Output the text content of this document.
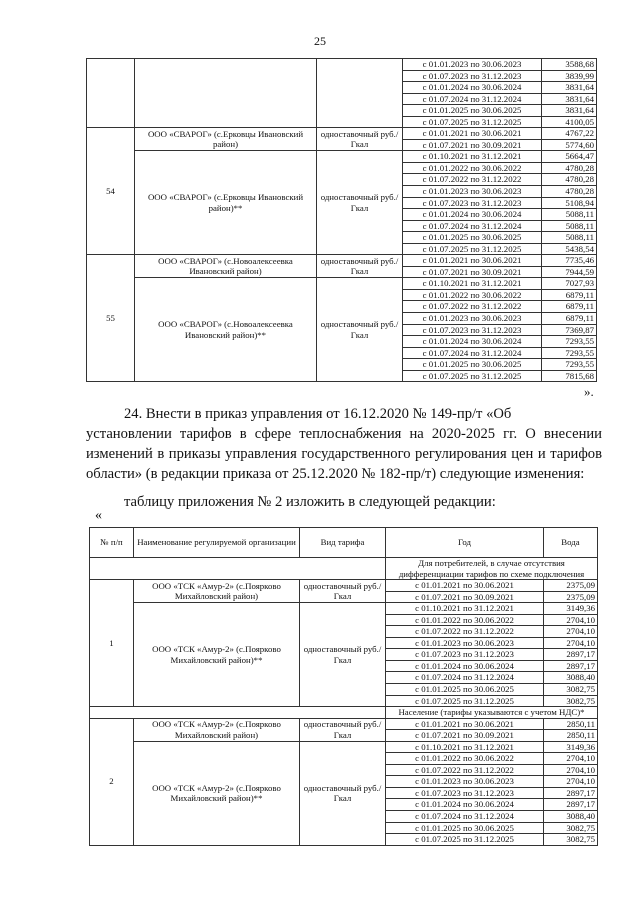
25
			с 01.01.2023 по 30.06.2023	3588,68
			с 01.07.2023 по 31.12.2023	3839,99
			с 01.01.2024 по 30.06.2024	3831,64
			с 01.07.2024 по 31.12.2024	3831,64
			с 01.01.2025 по 30.06.2025	3831,64
			с 01.07.2025 по 31.12.2025	4100,05
54	ООО «СВАРОГ» (с.Ерковцы Ивановский район)	одноставочный руб./Гкал	с 01.01.2021 по 30.06.2021	4767,22
			с 01.07.2021 по 30.09.2021	5774,60
	ООО «СВАРОГ» (с.Ерковцы Ивановский район)**	одноставочный руб./Гкал	с 01.10.2021 по 31.12.2021	5664,47
			с 01.01.2022 по 30.06.2022	4780,28
			с 01.07.2022 по 31.12.2022	4780,28
			с 01.01.2023 по 30.06.2023	4780,28
			с 01.07.2023 по 31.12.2023	5108,94
			с 01.01.2024 по 30.06.2024	5088,11
			с 01.07.2024 по 31.12.2024	5088,11
			с 01.01.2025 по 30.06.2025	5088,11
			с 01.07.2025 по 31.12.2025	5438,54
55	ООО «СВАРОГ» (с.Новоалексеевка Ивановский район)	одноставочный руб./Гкал	с 01.01.2021 по 30.06.2021	7735,46
			с 01.07.2021 по 30.09.2021	7944,59
	ООО «СВАРОГ» (с.Новоалексеевка Ивановский район)**	одноставочный руб./Гкал	с 01.10.2021 по 31.12.2021	7027,93
			с 01.01.2022 по 30.06.2022	6879,11
			с 01.07.2022 по 31.12.2022	6879,11
			с 01.01.2023 по 30.06.2023	6879,11
			с 01.07.2023 по 31.12.2023	7369,87
			с 01.01.2024 по 30.06.2024	7293,55
			с 01.07.2024 по 31.12.2024	7293,55
			с 01.01.2025 по 30.06.2025	7293,55
			с 01.07.2025 по 31.12.2025	7815,68
».
24. Внести в приказ управления от 16.12.2020 № 149-пр/т «Об
установлении тарифов в сфере теплоснабжения на 2020-2025 гг. О внесении изменений в приказы управления государственного регулирования цен и тарифов области» (в редакции приказа от 25.12.2020 № 182-пр/т) следующие изменения:
таблицу приложения № 2 изложить в следующей редакции:
«
№ п/п	Наименование регулируемой организации	Вид тарифа	Год	Вода
			Для потребителей, в случае отсутствия дифференциации тарифов по схеме подключения	
1	ООО «ТСК «Амур-2» (с.Поярково Михайловский район)	одноставочный руб./Гкал	с 01.01.2021 по 30.06.2021	2375,09
			с 01.07.2021 по 30.09.2021	2375,09
	ООО «ТСК «Амур-2» (с.Поярково Михайловский район)**	одноставочный руб./Гкал	с 01.10.2021 по 31.12.2021	3149,36
			с 01.01.2022 по 30.06.2022	2704,10
			с 01.07.2022 по 31.12.2022	2704,10
			с 01.01.2023 по 30.06.2023	2704,10
			с 01.07.2023 по 31.12.2023	2897,17
			с 01.01.2024 по 30.06.2024	2897,17
			с 01.07.2024 по 31.12.2024	3088,40
			с 01.01.2025 по 30.06.2025	3082,75
			с 01.07.2025 по 31.12.2025	3082,75
			Население (тарифы указываются с учетом НДС)*	
2	ООО «ТСК «Амур-2» (с.Поярково Михайловский район)	одноставочный руб./Гкал	с 01.01.2021 по 30.06.2021	2850,11
			с 01.07.2021 по 30.09.2021	2850,11
	ООО «ТСК «Амур-2» (с.Поярково Михайловский район)**	одноставочный руб./Гкал	с 01.10.2021 по 31.12.2021	3149,36
			с 01.01.2022 по 30.06.2022	2704,10
			с 01.07.2022 по 31.12.2022	2704,10
			с 01.01.2023 по 30.06.2023	2704,10
			с 01.07.2023 по 31.12.2023	2897,17
			с 01.01.2024 по 30.06.2024	2897,17
			с 01.07.2024 по 31.12.2024	3088,40
			с 01.01.2025 по 30.06.2025	3082,75
			с 01.07.2025 по 31.12.2025	3082,75
